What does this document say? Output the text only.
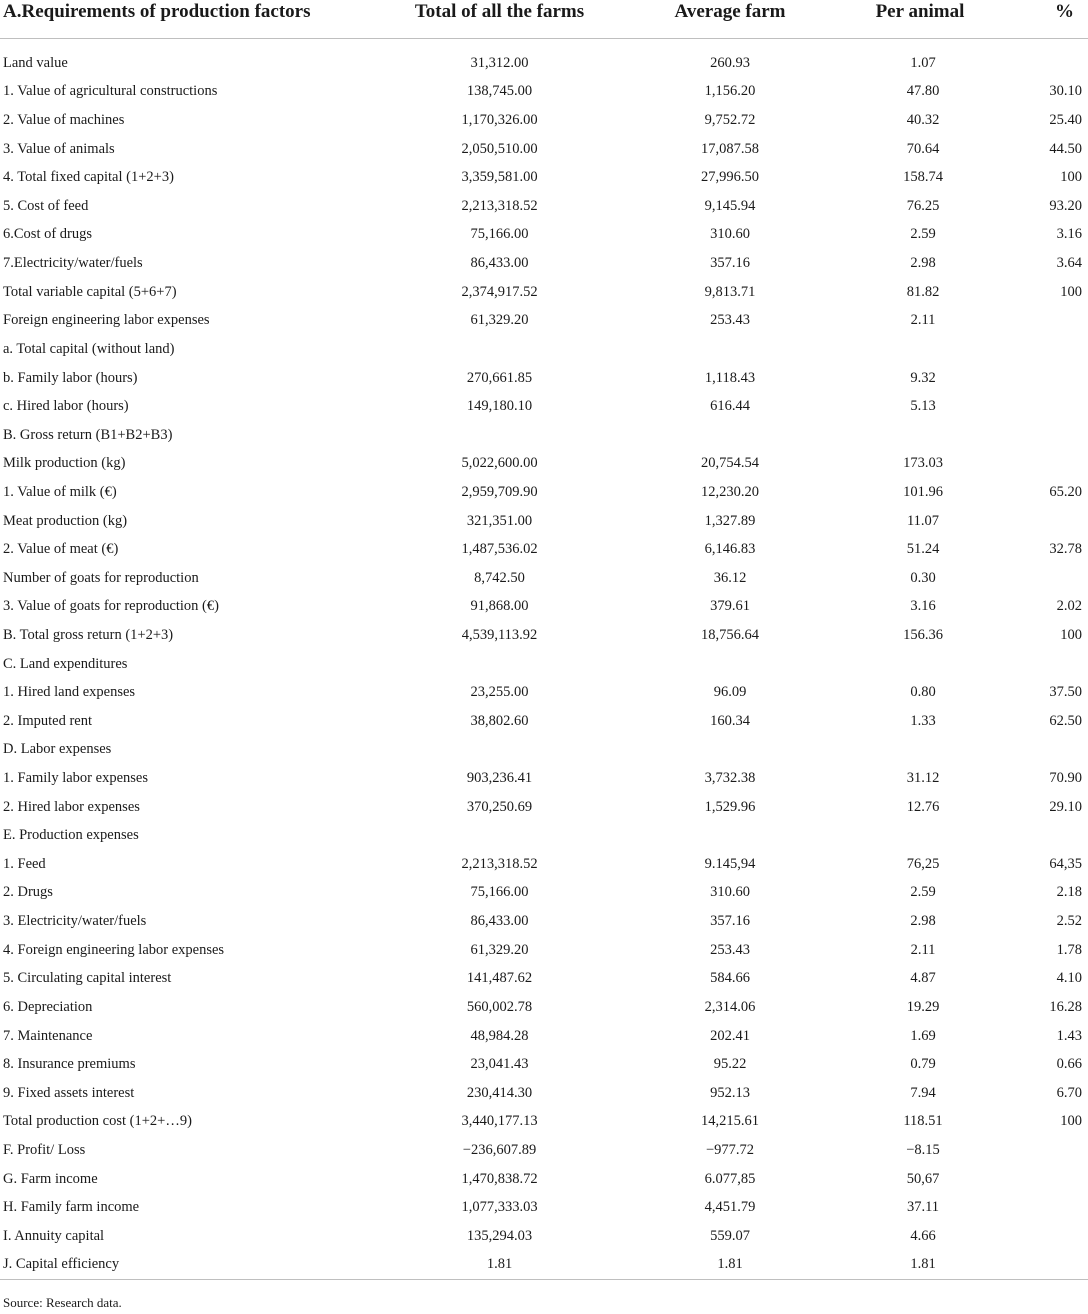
A.Requirements of production factors	Total of all the farms	Average farm	Per animal	%

Land value	31,312.00	260.93	1.07	
1. Value of agricultural constructions	138,745.00	1,156.20	47.80	30.10
2. Value of machines	1,170,326.00	9,752.72	40.32	25.40
3. Value of animals	2,050,510.00	17,087.58	70.64	44.50
4. Total fixed capital (1+2+3)	3,359,581.00	27,996.50	158.74	100
5. Cost of feed	2,213,318.52	9,145.94	76.25	93.20
6.Cost of drugs	75,166.00	310.60	2.59	3.16
7.Electricity/water/fuels	86,433.00	357.16	2.98	3.64
Total variable capital (5+6+7)	2,374,917.52	9,813.71	81.82	100
Foreign engineering labor expenses	61,329.20	253.43	2.11	
a. Total capital (without land)				
b. Family labor (hours)	270,661.85	1,118.43	9.32	
c. Hired labor (hours)	149,180.10	616.44	5.13	
B. Gross return (B1+B2+B3)				
Milk production (kg)	5,022,600.00	20,754.54	173.03	
1. Value of milk (€)	2,959,709.90	12,230.20	101.96	65.20
Meat production (kg)	321,351.00	1,327.89	11.07	
2. Value of meat (€)	1,487,536.02	6,146.83	51.24	32.78
Number of goats for reproduction	8,742.50	36.12	0.30	
3. Value of goats for reproduction (€)	91,868.00	379.61	3.16	2.02
B. Total gross return (1+2+3)	4,539,113.92	18,756.64	156.36	100
C. Land expenditures				
1. Hired land expenses	23,255.00	96.09	0.80	37.50
2. Imputed rent	38,802.60	160.34	1.33	62.50
D. Labor expenses				
1. Family labor expenses	903,236.41	3,732.38	31.12	70.90
2. Hired labor expenses	370,250.69	1,529.96	12.76	29.10
E. Production expenses				
1. Feed	2,213,318.52	9.145,94	76,25	64,35
2. Drugs	75,166.00	310.60	2.59	2.18
3. Electricity/water/fuels	86,433.00	357.16	2.98	2.52
4. Foreign engineering labor expenses	61,329.20	253.43	2.11	1.78
5. Circulating capital interest	141,487.62	584.66	4.87	4.10
6. Depreciation	560,002.78	2,314.06	19.29	16.28
7. Maintenance	48,984.28	202.41	1.69	1.43
8. Insurance premiums	23,041.43	95.22	0.79	0.66
9. Fixed assets interest	230,414.30	952.13	7.94	6.70
Total production cost (1+2+…9)	3,440,177.13	14,215.61	118.51	100
F. Profit/ Loss	−236,607.89	−977.72	−8.15	
G. Farm income	1,470,838.72	6.077,85	50,67	
H. Family farm income	1,077,333.03	4,451.79	37.11	
I. Annuity capital	135,294.03	559.07	4.66	
J. Capital efficiency	1.81	1.81	1.81	

Source: Research data.
